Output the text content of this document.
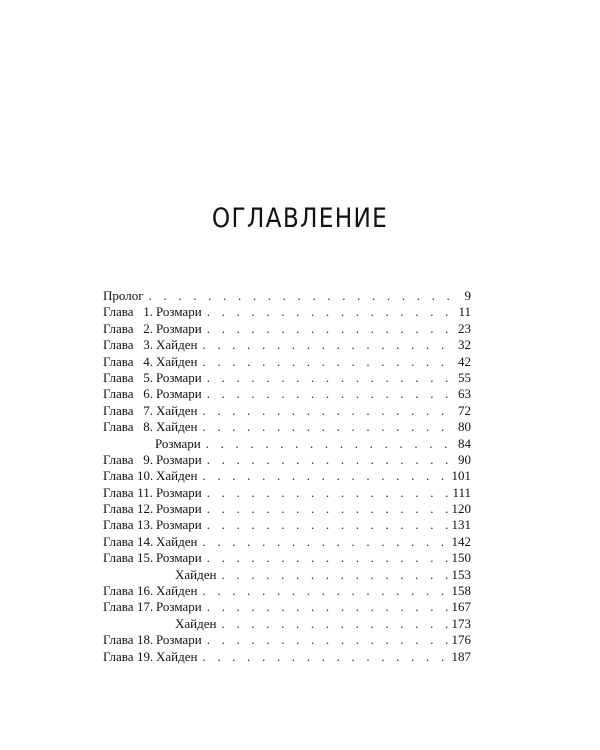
ОГЛАВЛЕНИЕ
Пролог . . .	9
Глава 1. Розмари . . .	11
Глава 2. Розмари . . .	23
Глава 3. Хайден . . .	32
Глава 4. Хайден . . .	42
Глава 5. Розмари . . .	55
Глава 6. Розмари . . .	63
Глава 7. Хайден . . .	72
Глава 8. Хайден . . .	80
Розмари . . .	84
Глава 9. Розмари . . .	90
Глава 10. Хайден . . .	101
Глава 11. Розмари . . .	111
Глава 12. Розмари . . .	120
Глава 13. Розмари . . .	131
Глава 14. Хайден . . .	142
Глава 15. Розмари . . .	150
Хайден . . .	153
Глава 16. Хайден . . .	158
Глава 17. Розмари . . .	167
Хайден . . .	173
Глава 18. Розмари . . .	176
Глава 19. Хайден . . .	187
